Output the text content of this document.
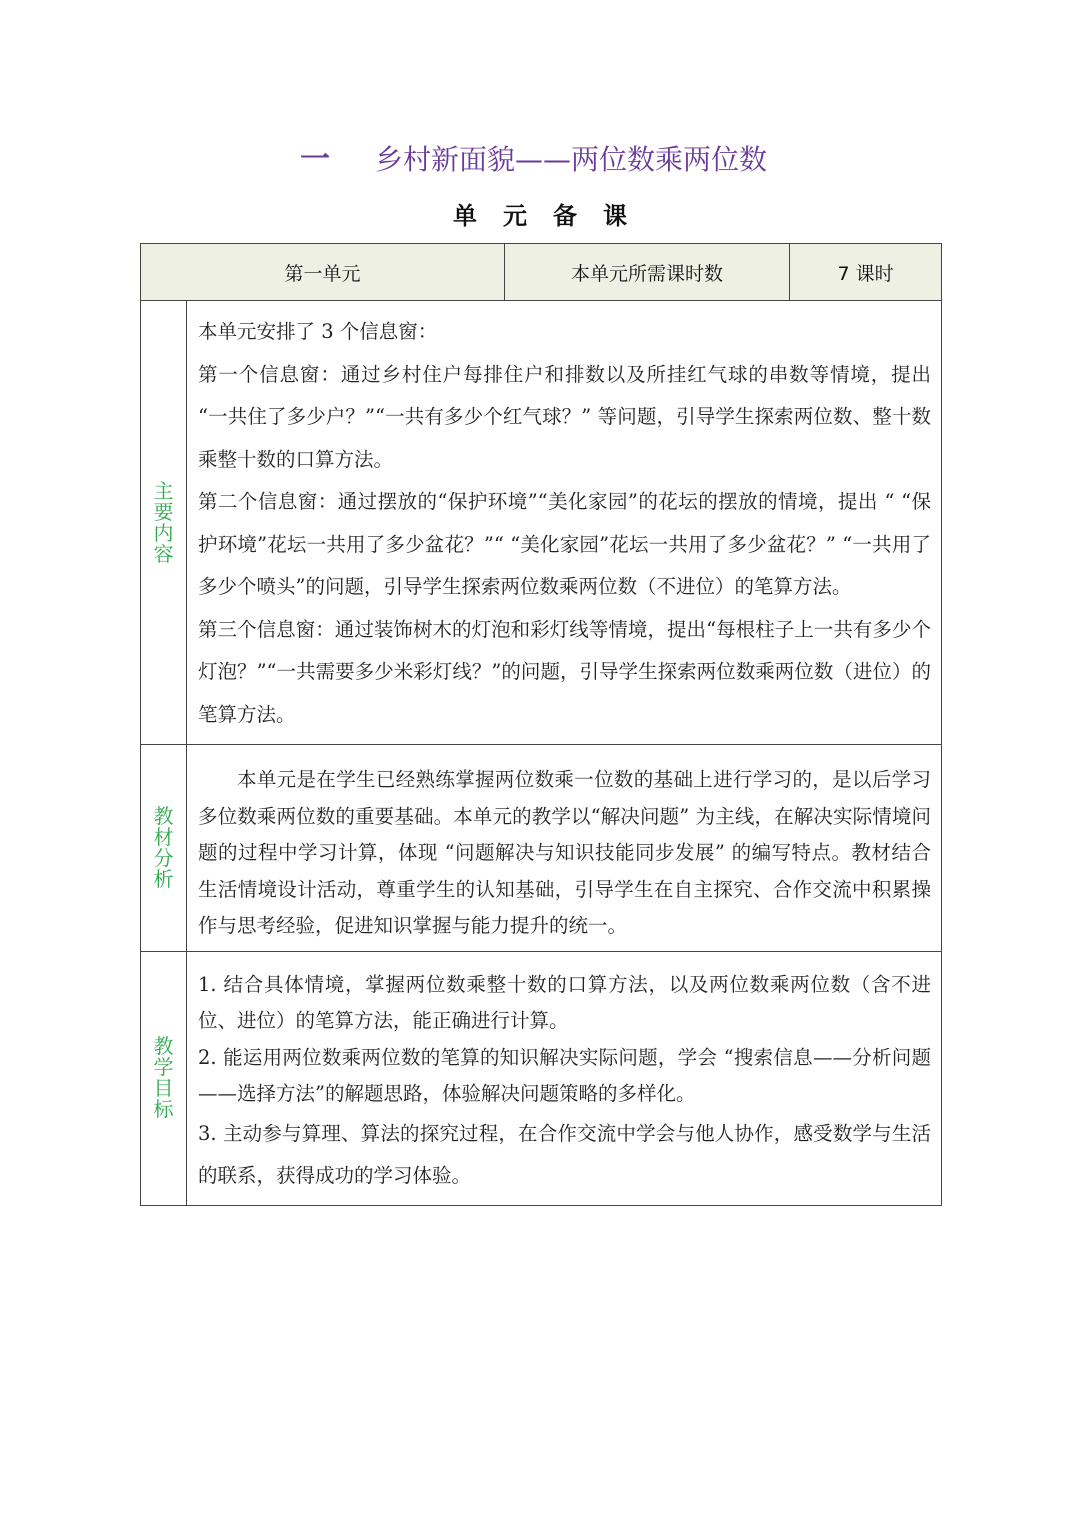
一 乡村新面貌——两位数乘两位数
单元备课
第一单元		本单元所需课时数	7 课时
主要内容	本单元安排了 3 个信息窗：

第一个信息窗：通过乡村住户每排住户和排数以及所挂红气球的串数等情境，提出 “一共住了多少户？”“一共有多少个红气球？” 等问题，引导学生探索两位数、整十数乘整十数的口算方法。

第二个信息窗：通过摆放的“保护环境”“美化家园”的花坛的摆放的情境，提出 “ “保护环境”花坛一共用了多少盆花？”“ “美化家园”花坛一共用了多少盆花？” “一共用了多少个喷头”的问题，引导学生探索两位数乘两位数（不进位）的笔算方法。

第三个信息窗：通过装饰树木的灯泡和彩灯线等情境，提出“每根柱子上一共有多少个灯泡？”“一共需要多少米彩灯线？”的问题，引导学生探索两位数乘两位数（进位）的笔算方法。		

教材分析	本单元是在学生已经熟练掌握两位数乘一位数的基础上进行学习的，是以后学习多位数乘两位数的重要基础。本单元的教学以“解决问题” 为主线，在解决实际情境问题的过程中学习计算，体现 “问题解决与知识技能同步发展” 的编写特点。教材结合生活情境设计活动，尊重学生的认知基础，引导学生在自主探究、合作交流中积累操作与思考经验，促进知识掌握与能力提升的统一。		

教学目标	1. 结合具体情境，掌握两位数乘整十数的口算方法，以及两位数乘两位数（含不进位、进位）的笔算方法，能正确进行计算。

2. 能运用两位数乘两位数的笔算的知识解决实际问题，学会 “搜索信息——分析问题——选择方法”的解题思路，体验解决问题策略的多样化。

3. 主动参与算理、算法的探究过程，在合作交流中学会与他人协作，感受数学与生活的联系，获得成功的学习体验。		
